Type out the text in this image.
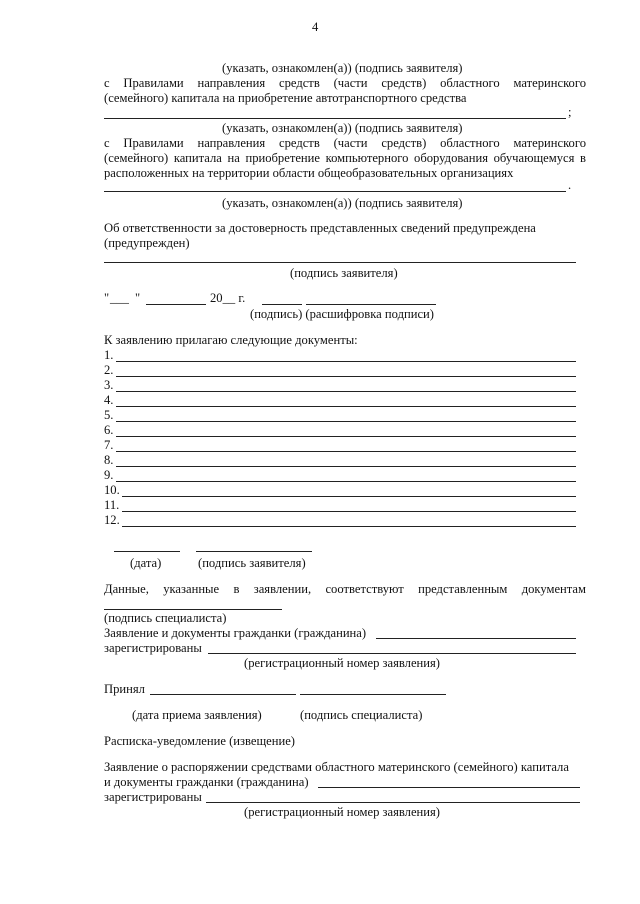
4
(указать, ознакомлен(а)) (подпись заявителя)
с Правилами направления средств (части средств) областного материнского
(семейного) капитала на приобретение автотранспортного средства
;
(указать, ознакомлен(а)) (подпись заявителя)
с Правилами направления средств (части средств) областного материнского
(семейного) капитала на приобретение компьютерного оборудования обучающемуся в
расположенных на территории области общеобразовательных организациях
.
(указать, ознакомлен(а)) (подпись заявителя)
Об ответственности за достоверность представленных сведений предупреждена
(предупрежден)
(подпись заявителя)
" ___ "	20__ г.
(подпись) (расшифровка подписи)
К заявлению прилагаю следующие документы:
1.
2.
3.
4.
5.
6.
7.
8.
9.
10.
11.
12.
(дата)	(подпись заявителя)
Данные, указанные в заявлении, соответствуют представленным документам
(подпись специалиста)
Заявление и документы гражданки (гражданина)
зарегистрированы
(регистрационный номер заявления)
Принял
(дата приема заявления)	(подпись специалиста)
Расписка-уведомление (извещение)
Заявление о распоряжении средствами областного материнского (семейного) капитала
и документы гражданки (гражданина)
зарегистрированы
(регистрационный номер заявления)
